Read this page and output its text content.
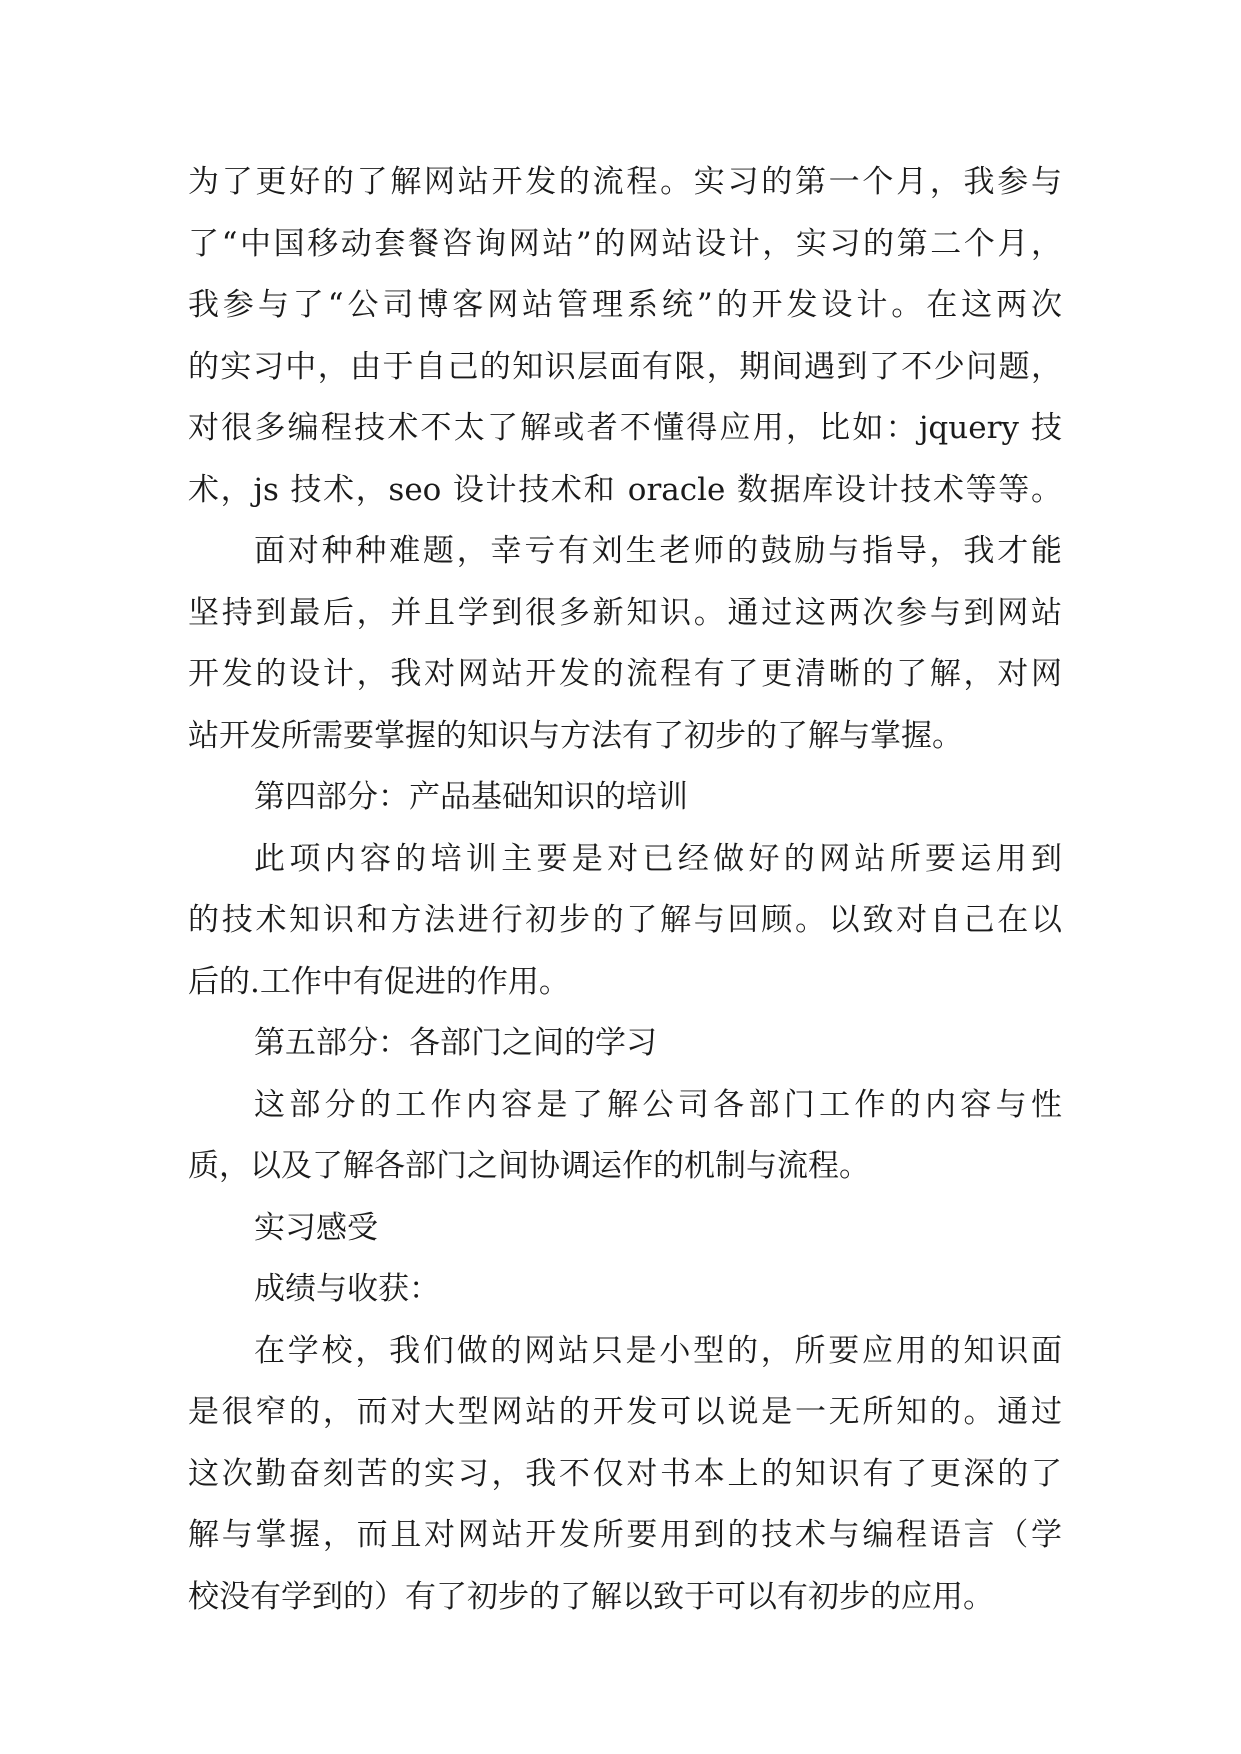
为了更好的了解网站开发的流程。实习的第一个月，我参与
了“中国移动套餐咨询网站”的网站设计，实习的第二个月，
我参与了“公司博客网站管理系统”的开发设计。在这两次
的实习中，由于自己的知识层面有限，期间遇到了不少问题，
对很多编程技术不太了解或者不懂得应用，比如：jquery 技
术，js 技术，seo 设计技术和 oracle 数据库设计技术等等。
面对种种难题，幸亏有刘生老师的鼓励与指导，我才能
坚持到最后，并且学到很多新知识。通过这两次参与到网站
开发的设计，我对网站开发的流程有了更清晰的了解，对网
站开发所需要掌握的知识与方法有了初步的了解与掌握。
第四部分：产品基础知识的培训
此项内容的培训主要是对已经做好的网站所要运用到
的技术知识和方法进行初步的了解与回顾。以致对自己在以
后的.工作中有促进的作用。
第五部分：各部门之间的学习
这部分的工作内容是了解公司各部门工作的内容与性
质，以及了解各部门之间协调运作的机制与流程。
实习感受
成绩与收获：
在学校，我们做的网站只是小型的，所要应用的知识面
是很窄的，而对大型网站的开发可以说是一无所知的。通过
这次勤奋刻苦的实习，我不仅对书本上的知识有了更深的了
解与掌握，而且对网站开发所要用到的技术与编程语言（学
校没有学到的）有了初步的了解以致于可以有初步的应用。
